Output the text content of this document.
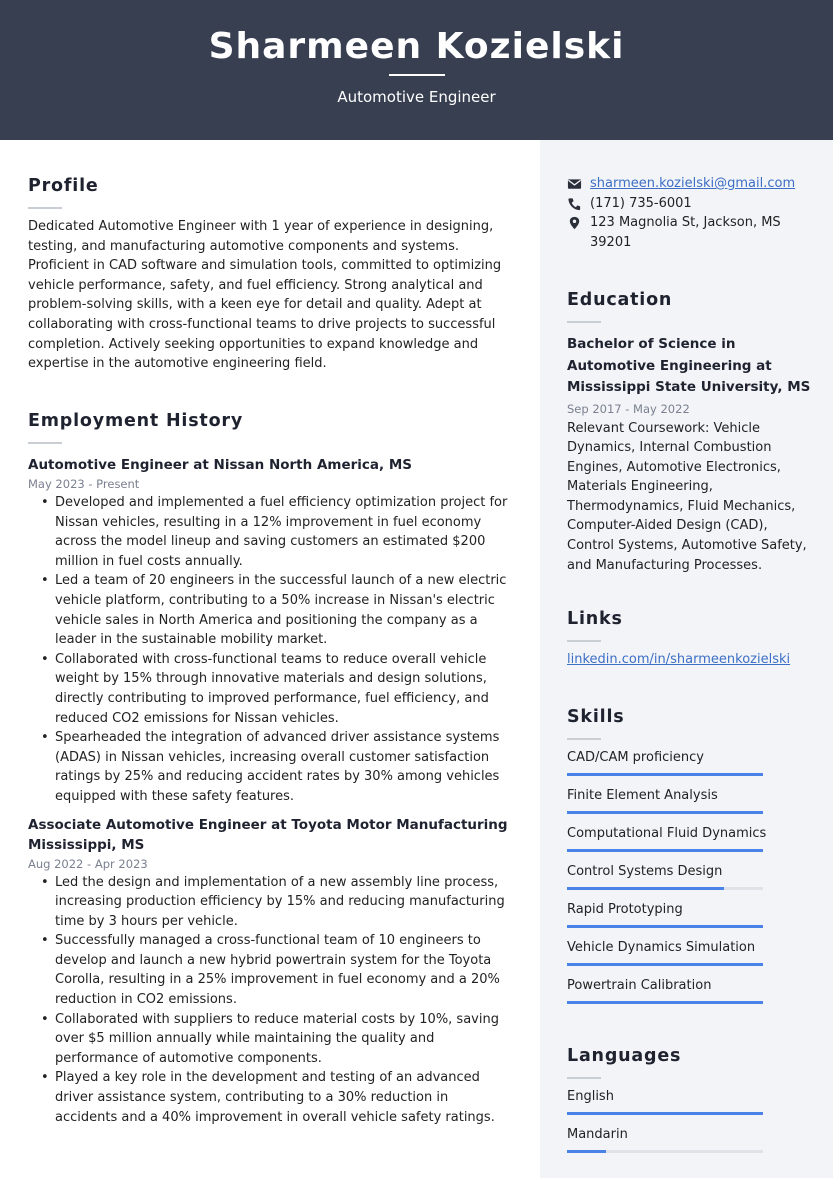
Sharmeen Kozielski
Automotive Engineer
Profile

Dedicated Automotive Engineer with 1 year of experience in designing, testing, and manufacturing automotive components and systems. Proficient in CAD software and simulation tools, committed to optimizing vehicle performance, safety, and fuel efficiency. Strong analytical and problem-solving skills, with a keen eye for detail and quality. Adept at collaborating with cross-functional teams to drive projects to successful completion. Actively seeking opportunities to expand knowledge and expertise in the automotive engineering field.

Employment History
Automotive Engineer at Nissan North America, MS
May 2023 - Present
• Developed and implemented a fuel efficiency optimization project for Nissan vehicles, resulting in a 12% improvement in fuel economy across the model lineup and saving customers an estimated $200 million in fuel costs annually.
• Led a team of 20 engineers in the successful launch of a new electric vehicle platform, contributing to a 50% increase in Nissan's electric vehicle sales in North America and positioning the company as a leader in the sustainable mobility market.
• Collaborated with cross-functional teams to reduce overall vehicle weight by 15% through innovative materials and design solutions, directly contributing to improved performance, fuel efficiency, and reduced CO2 emissions for Nissan vehicles.
• Spearheaded the integration of advanced driver assistance systems (ADAS) in Nissan vehicles, increasing overall customer satisfaction ratings by 25% and reducing accident rates by 30% among vehicles equipped with these safety features.
Associate Automotive Engineer at Toyota Motor Manufacturing Mississippi, MS
Aug 2022 - Apr 2023
• Led the design and implementation of a new assembly line process, increasing production efficiency by 15% and reducing manufacturing time by 3 hours per vehicle.
• Successfully managed a cross-functional team of 10 engineers to develop and launch a new hybrid powertrain system for the Toyota Corolla, resulting in a 25% improvement in fuel economy and a 20% reduction in CO2 emissions.
• Collaborated with suppliers to reduce material costs by 10%, saving over $5 million annually while maintaining the quality and performance of automotive components.
• Played a key role in the development and testing of an advanced driver assistance system, contributing to a 30% reduction in accidents and a 40% improvement in overall vehicle safety ratings.
sharmeen.kozielski@gmail.com
(171) 735-6001
123 Magnolia St, Jackson, MS 39201
Education
Bachelor of Science in Automotive Engineering at Mississippi State University, MS
Sep 2017 - May 2022

Relevant Coursework: Vehicle Dynamics, Internal Combustion Engines, Automotive Electronics, Materials Engineering, Thermodynamics, Fluid Mechanics, Computer-Aided Design (CAD), Control Systems, Automotive Safety, and Manufacturing Processes.

Links
linkedin.com/in/sharmeenkozielski
Skills
CAD/CAM proficiency
Finite Element Analysis
Computational Fluid Dynamics
Control Systems Design
Rapid Prototyping
Vehicle Dynamics Simulation
Powertrain Calibration
Languages
English
Mandarin
